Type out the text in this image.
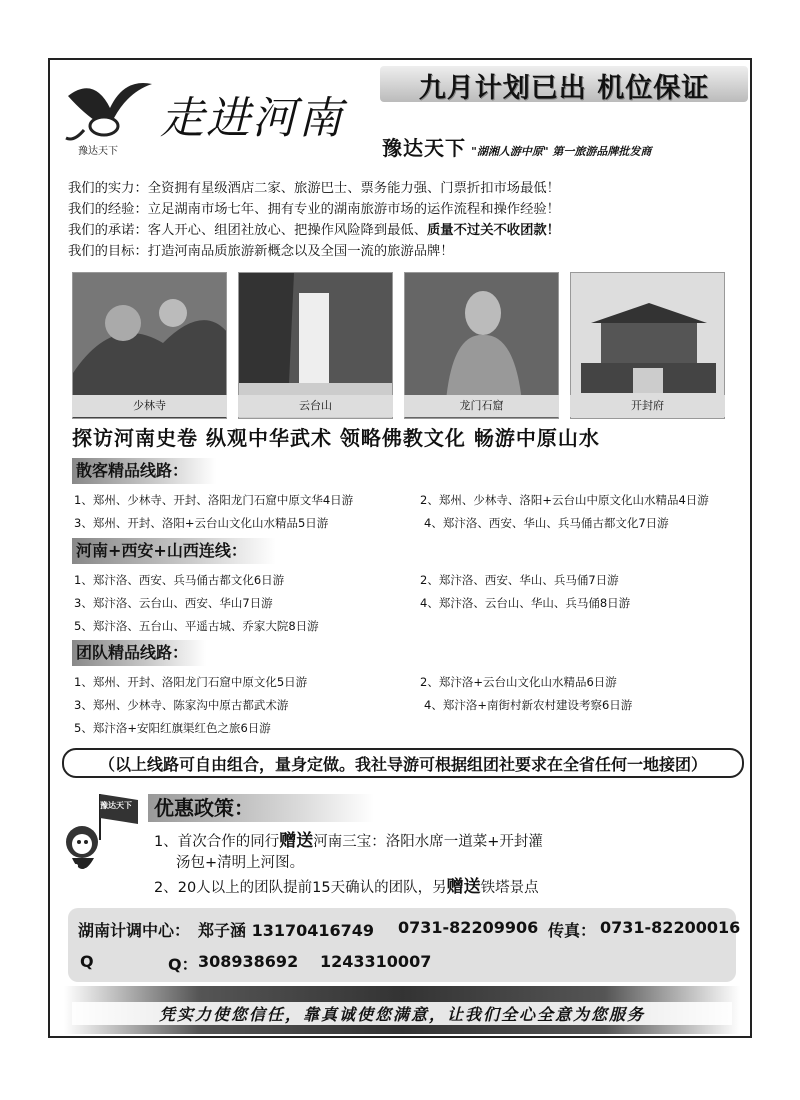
豫达天下
走进河南
九月计划已出 机位保证
豫达天下 "湖湘人游中原" 第一旅游品牌批发商
我们的实力：全资拥有星级酒店二家、旅游巴士、票务能力强、门票折扣市场最低！
我们的经验：立足湖南市场七年、拥有专业的湖南旅游市场的运作流程和操作经验！
我们的承诺：客人开心、组团社放心、把操作风险降到最低、质量不过关不收团款！
我们的目标：打造河南品质旅游新概念以及全国一流的旅游品牌！
少林寺	云台山	龙门石窟	开封府
探访河南史卷 纵观中华武术 领略佛教文化 畅游中原山水
散客精品线路：
1、郑州、少林寺、开封、洛阳龙门石窟中原文华4日游	2、郑州、少林寺、洛阳+云台山中原文化山水精品4日游
3、郑州、开封、洛阳+云台山文化山水精品5日游	4、郑汴洛、西安、华山、兵马俑古都文化7日游
河南+西安+山西连线：
1、郑汴洛、西安、兵马俑古都文化6日游	2、郑汴洛、西安、华山、兵马俑7日游
3、郑汴洛、云台山、西安、华山7日游	4、郑汴洛、云台山、华山、兵马俑8日游
5、郑汴洛、五台山、平遥古城、乔家大院8日游
团队精品线路：
1、郑州、开封、洛阳龙门石窟中原文化5日游	2、郑汴洛+云台山文化山水精品6日游
3、郑州、少林寺、陈家沟中原古都武术游	4、郑汴洛+南街村新农村建设考察6日游
5、郑汴洛+安阳红旗渠红色之旅6日游
（以上线路可自由组合，量身定做。我社导游可根据组团社要求在全省任何一地接团）
豫达天下	优惠政策：
1、首次合作的同行赠送河南三宝：洛阳水席一道菜+开封灌
汤包+清明上河图。
2、20人以上的团队提前15天确认的团队，另赠送铁塔景点
湖南计调中心： 郑子涵 13170416749 0731-82209906 传真： 0731-82200016
Q	Q： 308938692 1243310007
凭实力使您信任，靠真诚使您满意，让我们全心全意为您服务
